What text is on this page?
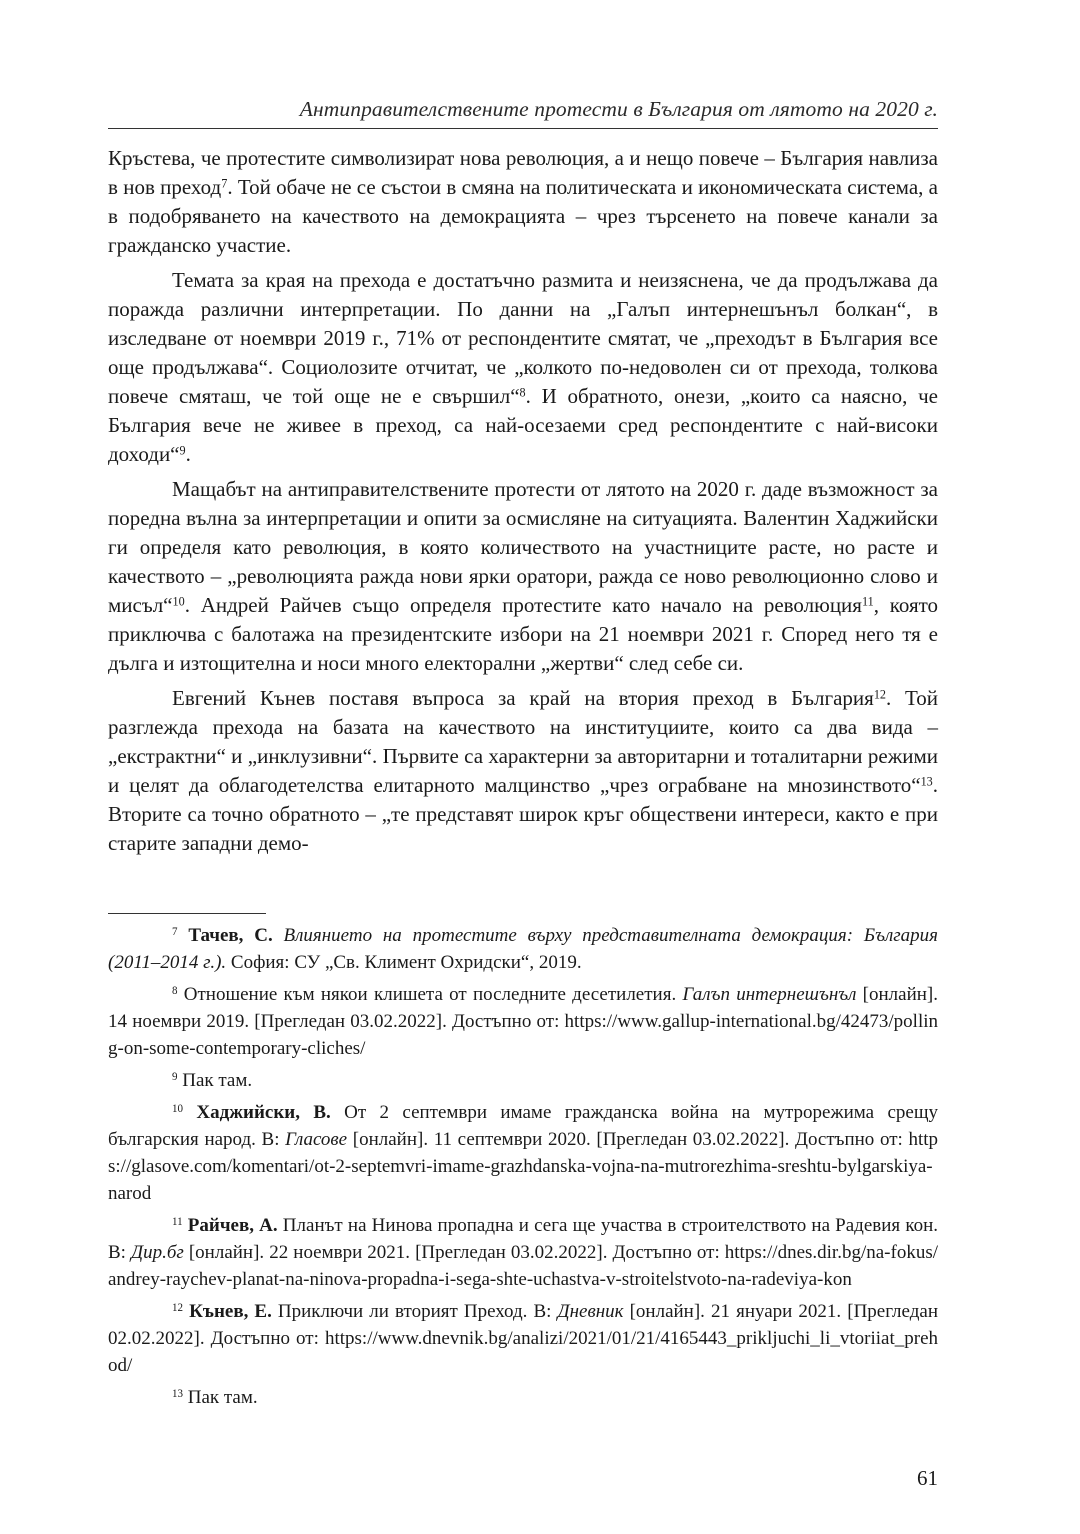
Антиправителствените протести в България от лятото на 2020 г.

Кръстева, че протестите символизират нова революция, а и нещо повече – България навлиза в нов преход$^7$. Той обаче не се състои в смяна на политическата и икономическата система, а в подобряването на качеството на демокрацията – чрез търсенето на повече канали за гражданско участие.

Темата за края на прехода е достатъчно размита и неизяснена, че да продължава да поражда различни интерпретации. По данни на „Галъп интернешънъл болкан“, в изследване от ноември 2019 г., 71% от респондентите смятат, че „преходът в България все още продължава“. Социолозите отчитат, че „колкото по-недоволен си от прехода, толкова повече смяташ, че той още не е свършил“$^8$. И обратното, онези, „които са наясно, че България вече не живее в преход, са най-осезаеми сред респондентите с най-високи доходи“$^9$.

Мащабът на антиправителствените протести от лятото на 2020 г. даде възможност за поредна вълна за интерпретации и опити за осмисляне на ситуацията. Валентин Хаджийски ги определя като революция, в която количеството на участниците расте, но расте и качеството – „революцията ражда нови ярки оратори, ражда се ново революционно слово и мисъл“$^{10}$. Андрей Райчев също определя протестите като начало на революция$^{11}$, която приключва с балотажа на президентските избори на 21 ноември 2021 г. Според него тя е дълга и изтощителна и носи много електорални „жертви“ след себе си.

Евгений Кънев поставя въпроса за край на втория преход в България$^{12}$. Той разглежда прехода на базата на качеството на институциите, които са два вида – „екстрактни“ и „инклузивни“. Първите са характерни за авторитарни и тоталитарни режими и целят да облагодетелства елитарното малцинство „чрез ограбване на мнозинството“$^{13}$. Вторите са точно обратното – „те представят широк кръг обществени интереси, както е при старите западни демо-

$^7$ Тачев, С. Влиянието на протестите върху представителната демокрация: България (2011–2014 г.). София: СУ „Св. Климент Охридски“, 2019.

$^8$ Отношение към някои клишета от последните десетилетия. Галъп интернешънъл [онлайн]. 14 ноември 2019. [Прегледан 03.02.2022]. Достъпно от: https://www.gallup-international.bg/42473/polling-on-some-contemporary-cliches/

$^9$ Пак там.

$^{10}$ Хаджийски, В. От 2 септември имаме гражданска война на мутрорежима срещу българския народ. В: Гласове [онлайн]. 11 септември 2020. [Прегледан 03.02.2022]. Достъпно от: https://glasove.com/komentari/ot-2-septemvri-imame-grazhdanska-vojna-na-mutrorezhima-sreshtu-bylgarskiya-narod

$^{11}$ Райчев, А. Планът на Нинова пропадна и сега ще участва в строителството на Радевия кон. В: Дир.бг [онлайн]. 22 ноември 2021. [Прегледан 03.02.2022]. Достъпно от: https://dnes.dir.bg/na-fokus/andrey-raychev-planat-na-ninova-propadna-i-sega-shte-uchastva-v-stroitelstvoto-na-radeviya-kon

$^{12}$ Кънев, Е. Приключи ли вторият Преход. В: Дневник [онлайн]. 21 януари 2021. [Прегледан 02.02.2022]. Достъпно от: https://www.dnevnik.bg/analizi/2021/01/21/4165443_prikljuchi_li_vtoriiat_prehod/

$^{13}$ Пак там.

61
